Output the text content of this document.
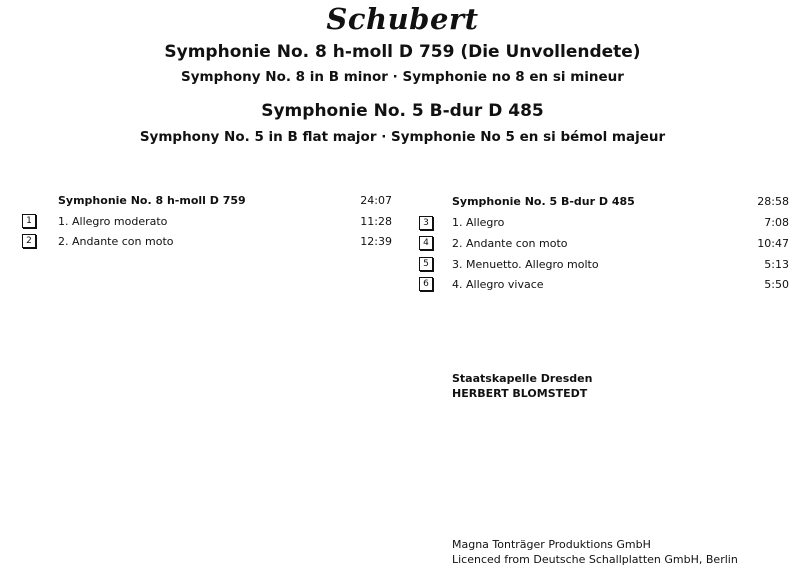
Schubert
Symphonie No. 8 h-moll D 759 (Die Unvollendete)
Symphony No. 8 in B minor · Symphonie no 8 en si mineur
Symphonie No. 5 B-dur D 485
Symphony No. 5 in B flat major · Symphonie No 5 en si bémol majeur
Symphonie No. 8 h-moll D 759	24:07
1	1. Allegro moderato	11:28
2	2. Andante con moto	12:39
Symphonie No. 5 B-dur D 485	28:58
3	1. Allegro	7:08
4	2. Andante con moto	10:47
5	3. Menuetto. Allegro molto	5:13
6	4. Allegro vivace	5:50
Staatskapelle Dresden
HERBERT BLOMSTEDT
Magna Tonträger Produktions GmbH
Licenced from Deutsche Schallplatten GmbH, Berlin
